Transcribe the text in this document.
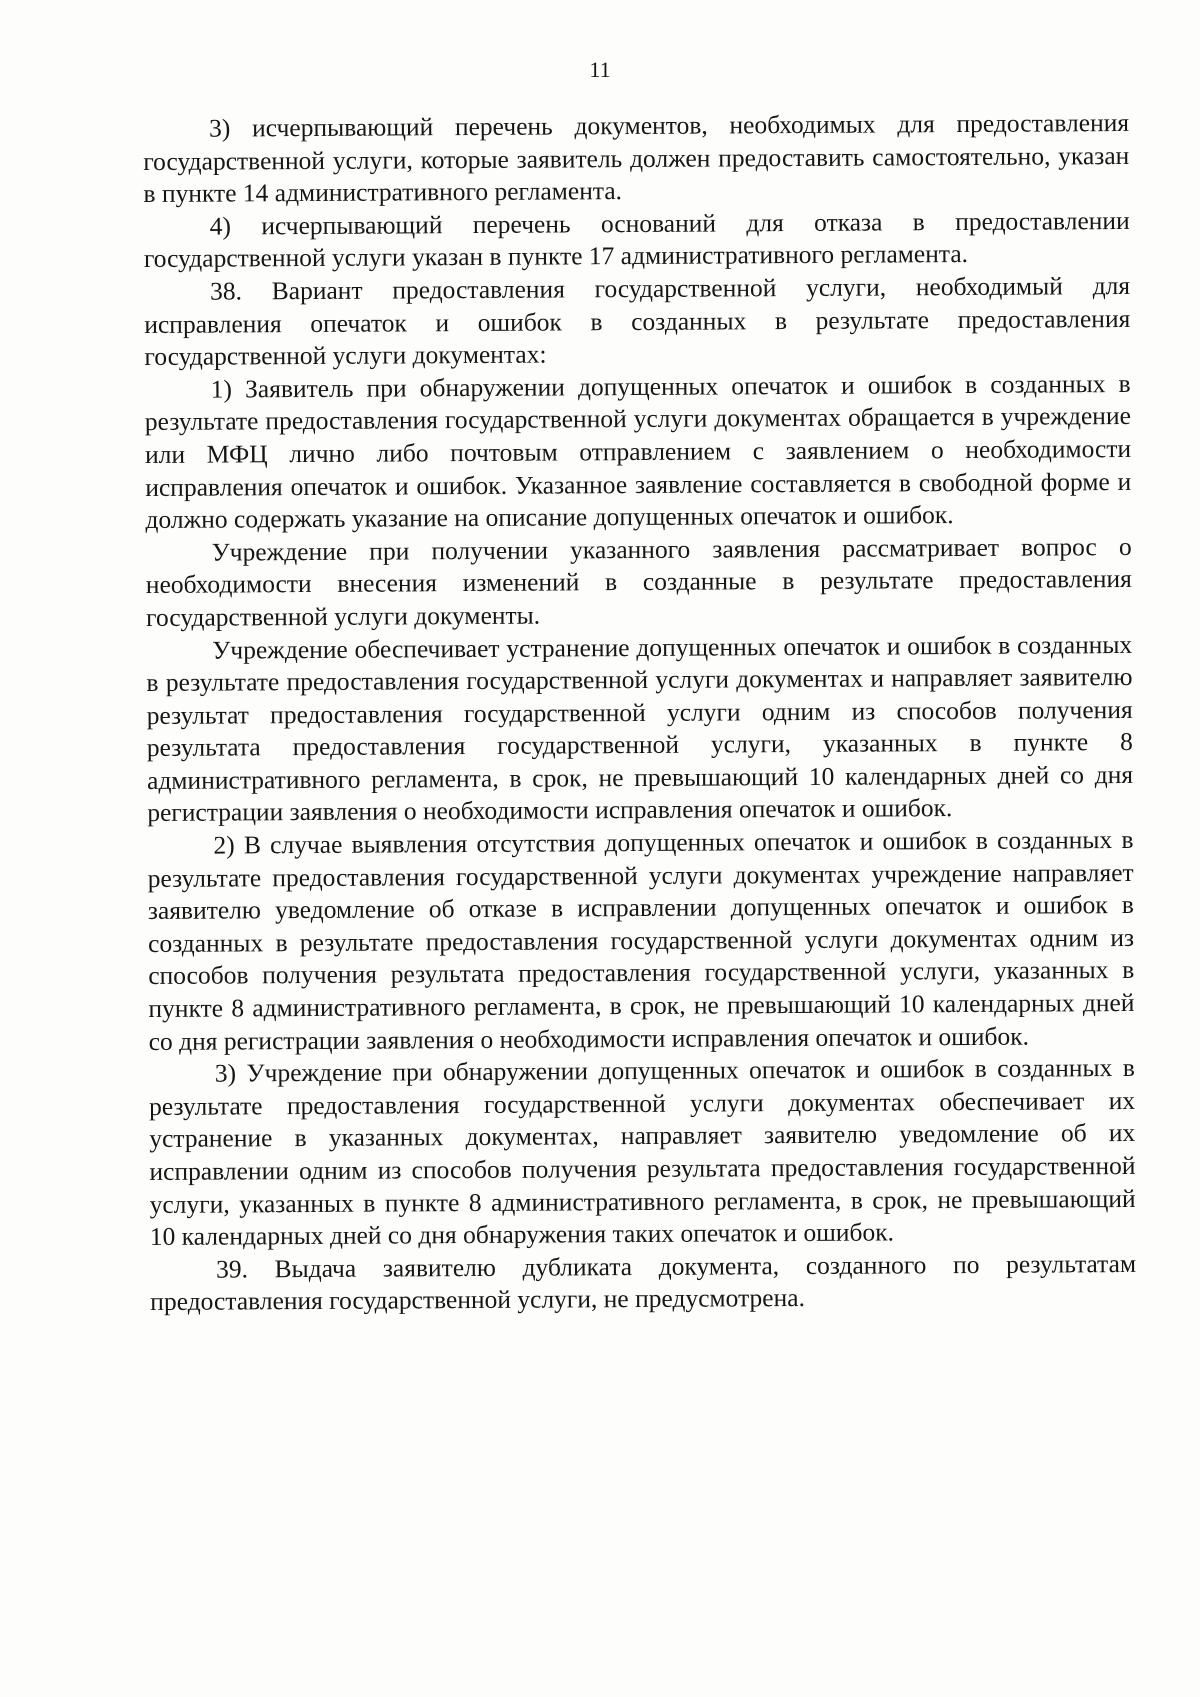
11

3) исчерпывающий перечень документов, необходимых для предоставления государственной услуги, которые заявитель должен предоставить самостоятельно, указан в пункте 14 административного регламента.

4) исчерпывающий перечень оснований для отказа в предоставлении государственной услуги указан в пункте 17 административного регламента.

38. Вариант предоставления государственной услуги, необходимый для исправления опечаток и ошибок в созданных в результате предоставления государственной услуги документах:

1) Заявитель при обнаружении допущенных опечаток и ошибок в созданных в результате предоставления государственной услуги документах обращается в учреждение или МФЦ лично либо почтовым отправлением с заявлением о необходимости исправления опечаток и ошибок. Указанное заявление составляется в свободной форме и должно содержать указание на описание допущенных опечаток и ошибок.

Учреждение при получении указанного заявления рассматривает вопрос о необходимости внесения изменений в созданные в результате предоставления государственной услуги документы.

Учреждение обеспечивает устранение допущенных опечаток и ошибок в созданных в результате предоставления государственной услуги документах и направляет заявителю результат предоставления государственной услуги одним из способов получения результата предоставления государственной услуги, указанных в пункте 8 административного регламента, в срок, не превышающий 10 календарных дней со дня регистрации заявления о необходимости исправления опечаток и ошибок.

2) В случае выявления отсутствия допущенных опечаток и ошибок в созданных в результате предоставления государственной услуги документах учреждение направляет заявителю уведомление об отказе в исправлении допущенных опечаток и ошибок в созданных в результате предоставления государственной услуги документах одним из способов получения результата предоставления государственной услуги, указанных в пункте 8 административного регламента, в срок, не превышающий 10 календарных дней со дня регистрации заявления о необходимости исправления опечаток и ошибок.

3) Учреждение при обнаружении допущенных опечаток и ошибок в созданных в результате предоставления государственной услуги документах обеспечивает их устранение в указанных документах, направляет заявителю уведомление об их исправлении одним из способов получения результата предоставления государственной услуги, указанных в пункте 8 административного регламента, в срок, не превышающий 10 календарных дней со дня обнаружения таких опечаток и ошибок.

39. Выдача заявителю дубликата документа, созданного по результатам предоставления государственной услуги, не предусмотрена.
